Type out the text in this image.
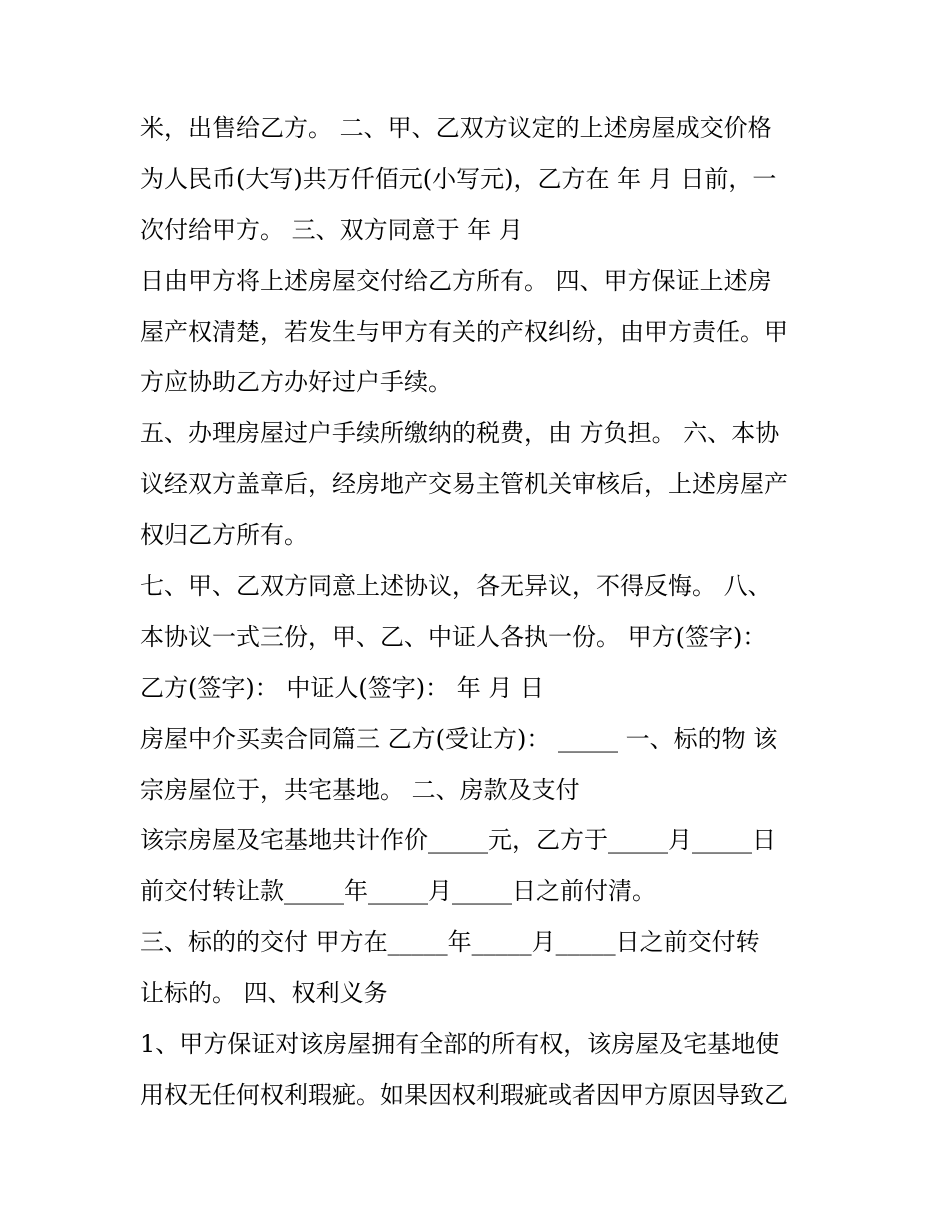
米，出售给乙方。 二、甲、乙双方议定的上述房屋成交价格
为人民币(大写)共万仟佰元(小写元)，乙方在 年 月 日前，一
次付给甲方。 三、双方同意于 年 月
日由甲方将上述房屋交付给乙方所有。 四、甲方保证上述房
屋产权清楚，若发生与甲方有关的产权纠纷，由甲方责任。甲
方应协助乙方办好过户手续。
五、办理房屋过户手续所缴纳的税费，由 方负担。 六、本协
议经双方盖章后，经房地产交易主管机关审核后，上述房屋产
权归乙方所有。
七、甲、乙双方同意上述协议，各无异议，不得反悔。 八、
本协议一式三份，甲、乙、中证人各执一份。 甲方(签字)：
乙方(签字)： 中证人(签字)： 年 月 日
房屋中介买卖合同篇三 乙方(受让方)： _____ 一、标的物 该
宗房屋位于，共宅基地。 二、房款及支付
该宗房屋及宅基地共计作价_____元，乙方于_____月_____日
前交付转让款_____年_____月_____日之前付清。
三、标的的交付 甲方在_____年_____月_____日之前交付转
让标的。 四、权利义务
1、甲方保证对该房屋拥有全部的所有权，该房屋及宅基地使
用权无任何权利瑕疵。如果因权利瑕疵或者因甲方原因导致乙
